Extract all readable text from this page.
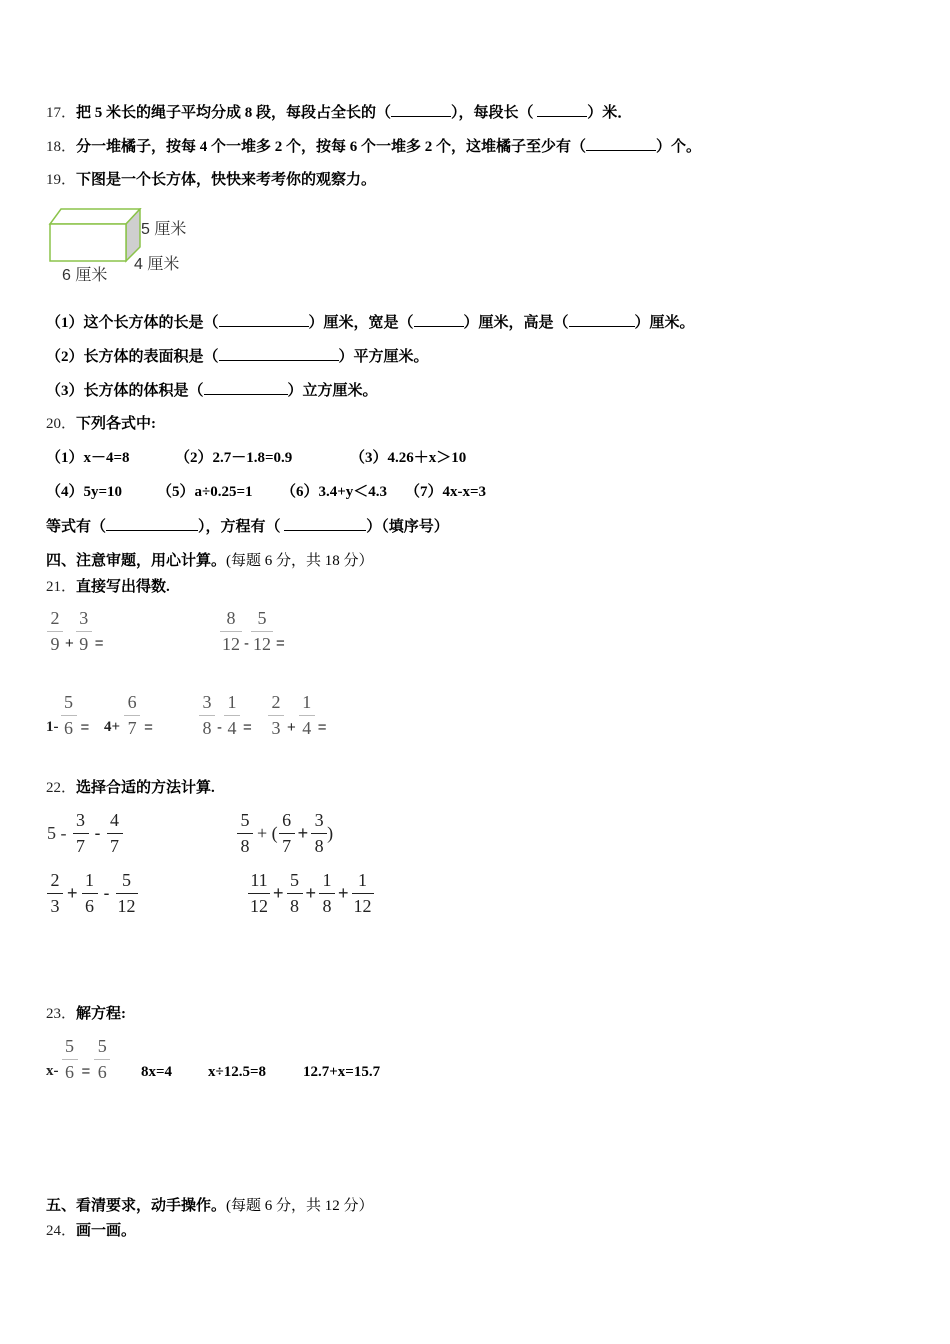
17．把 5 米长的绳子平均分成 8 段，每段占全长的（	），每段长（	）米．
18．分一堆橘子，按每 4 个一堆多 2 个，按每 6 个一堆多 2 个，这堆橘子至少有（	）个。
19．下图是一个长方体，快快来考考你的观察力。
5 厘米
4 厘米
6 厘米
（1）这个长方体的长是（	）厘米，宽是（	）厘米，高是（	）厘米。
（2）长方体的表面积是（	）平方厘米。
（3）长方体的体积是（	）立方厘米。
20．下列各式中:
（1）x－4=8	（2）2.7－1.8=0.9	（3）4.26＋x＞10
（4）5y=10 （5）a÷0.25=1 （6）3.4+y＜4.3 （7）4x-x=3
等式有（	），方程有（	）（填序号）
四、注意审题，用心计算。(每题 6 分，共 18 分）
21．直接写出得数.
2
9 +
3
9 =
8
12 -
5
12 =
1-
5
6 = 4+
6
7 =
3
8 -
1
4 =
2
3 +
1
4 =
22．选择合适的方法计算.
5 -
3
7
-
4
7
5
8
+ (
6
7
+
3
8
)
2
3
+
1
6
-
5
12
11
12
+
5
8
+
1
8
+
1
12
23．解方程:
x-
5
6 =
5
6 8x=4 x÷12.5=8 12.7+x=15.7
五、看清要求，动手操作。(每题 6 分，共 12 分）
24．画一画。
